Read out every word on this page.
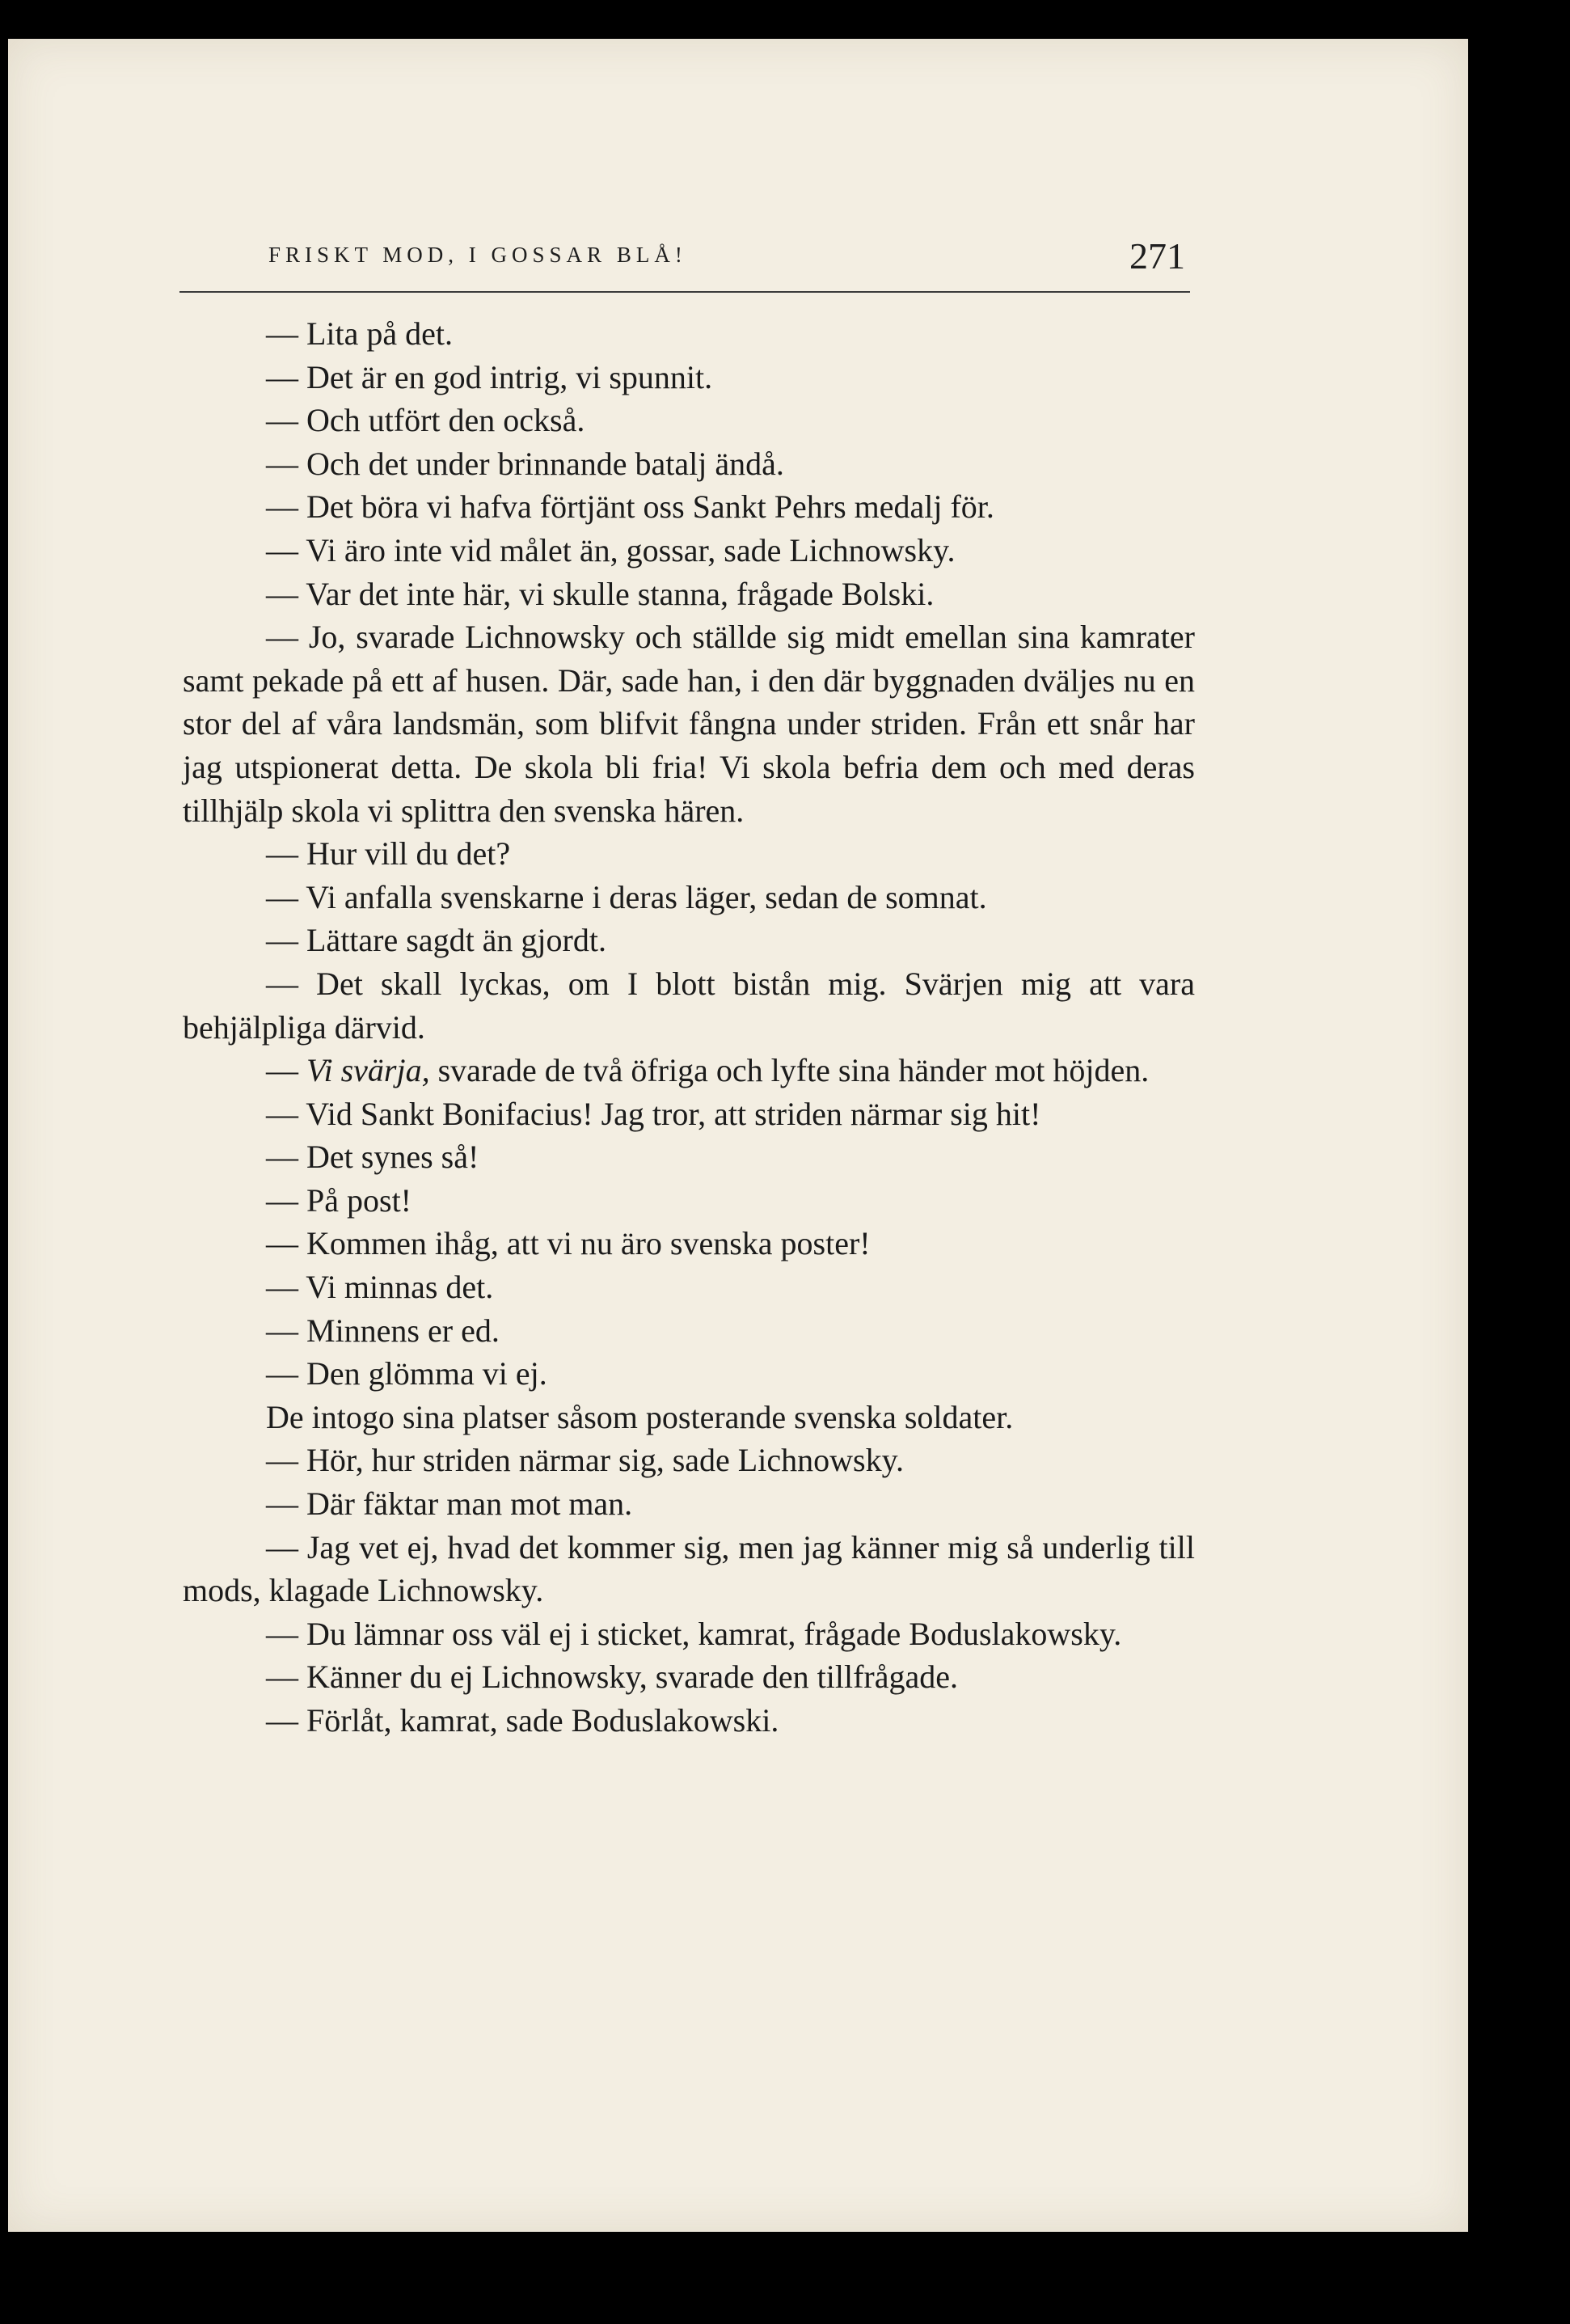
FRISKT MOD, I GOSSAR BLÅ!	271

— Lita på det.

— Det är en god intrig, vi spunnit.

— Och utfört den också.

— Och det under brinnande batalj ändå.

— Det böra vi hafva förtjänt oss Sankt Pehrs medalj för.

— Vi äro inte vid målet än, gossar, sade Lichnowsky.

— Var det inte här, vi skulle stanna, frågade Bolski.

— Jo, svarade Lichnowsky och ställde sig midt emellan sina kamrater samt pekade på ett af husen. Där, sade han, i den där byggnaden dväljes nu en stor del af våra landsmän, som blifvit fångna under striden. Från ett snår har jag utspionerat detta. De skola bli fria! Vi skola befria dem och med deras tillhjälp skola vi splittra den svenska hären.

— Hur vill du det?

— Vi anfalla svenskarne i deras läger, sedan de somnat.

— Lättare sagdt än gjordt.

— Det skall lyckas, om I blott bistån mig. Svärjen mig att vara behjälpliga därvid.

— Vi svärja, svarade de två öfriga och lyfte sina händer mot höjden.

— Vid Sankt Bonifacius! Jag tror, att striden närmar sig hit!

— Det synes så!

— På post!

— Kommen ihåg, att vi nu äro svenska poster!

— Vi minnas det.

— Minnens er ed.

— Den glömma vi ej.

De intogo sina platser såsom posterande svenska soldater.

— Hör, hur striden närmar sig, sade Lichnowsky.

— Där fäktar man mot man.

— Jag vet ej, hvad det kommer sig, men jag känner mig så underlig till mods, klagade Lichnowsky.

— Du lämnar oss väl ej i sticket, kamrat, frågade Boduslakowsky.

— Känner du ej Lichnowsky, svarade den tillfrågade.

— Förlåt, kamrat, sade Boduslakowski.
